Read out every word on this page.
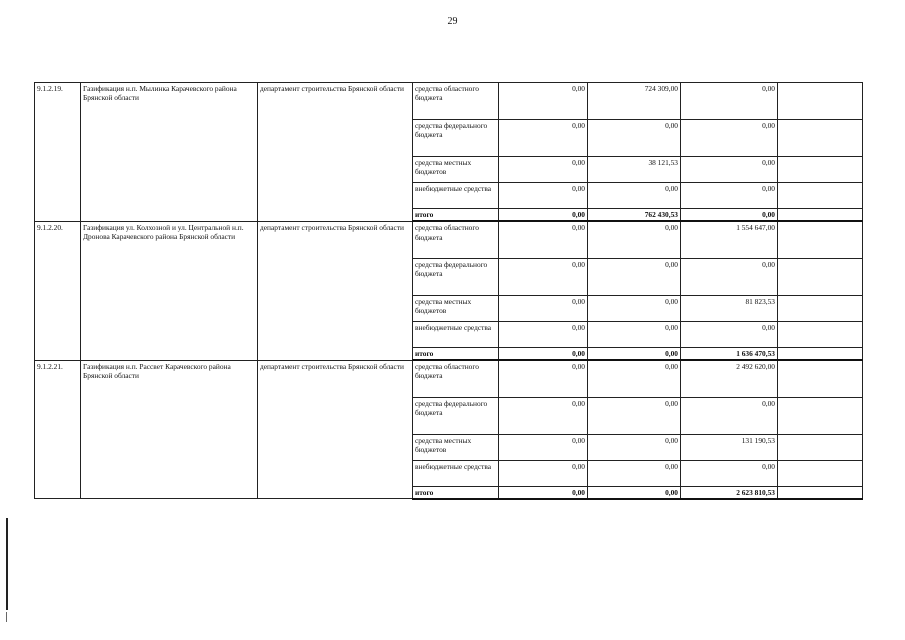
29
9.1.2.19.	Газификация н.п. Мылинка Карачевского района Брянской области	департамент строительства Брянской области	средства областного бюджета	0,00	724 309,00	0,00	
			средства федерального бюджета	0,00	0,00	0,00	
			средства местных бюджетов	0,00	38 121,53	0,00	
			внебюджетные средства	0,00	0,00	0,00	
			итого	0,00	762 430,53	0,00	
9.1.2.20.	Газификация ул. Колхозной и ул. Центральной н.п. Дронова Карачевского района Брянской области	департамент строительства Брянской области	средства областного бюджета	0,00	0,00	1 554 647,00	
			средства федерального бюджета	0,00	0,00	0,00	
			средства местных бюджетов	0,00	0,00	81 823,53	
			внебюджетные средства	0,00	0,00	0,00	
			итого	0,00	0,00	1 636 470,53	
9.1.2.21.	Газификация н.п. Рассвет Карачевского района Брянской области	департамент строительства Брянской области	средства областного бюджета	0,00	0,00	2 492 620,00	
			средства федерального бюджета	0,00	0,00	0,00	
			средства местных бюджетов	0,00	0,00	131 190,53	
			внебюджетные средства	0,00	0,00	0,00	
			итого	0,00	0,00	2 623 810,53	
